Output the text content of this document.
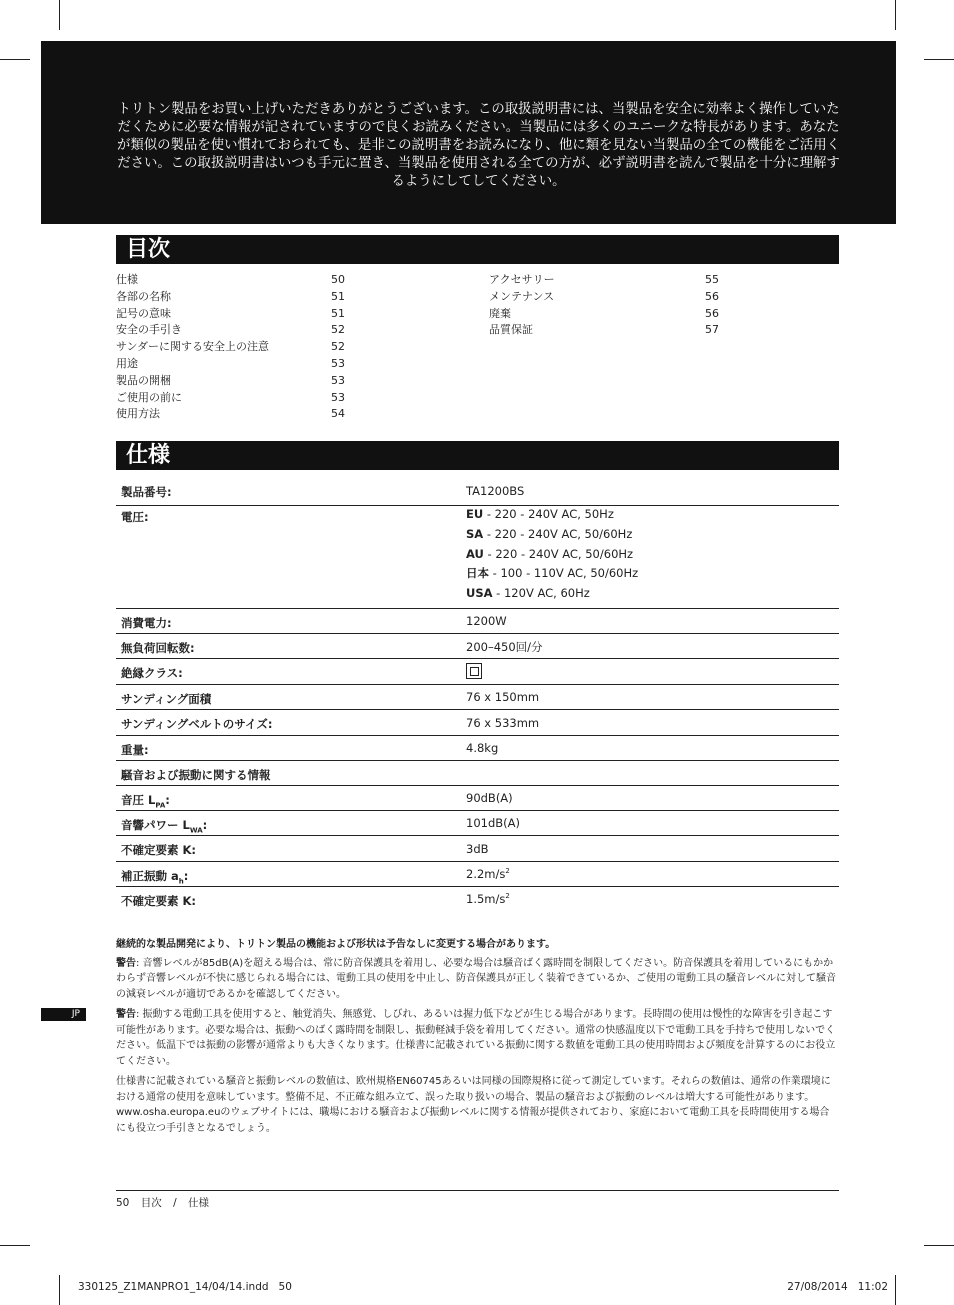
トリトン製品をお買い上げいただきありがとうございます。この取扱説明書には、当製品を安全に効率よく操作していただくために必要な情報が記されていますので良くお読みください。当製品には多くのユニークな特長があります。あなたが類似の製品を使い慣れておられても、是非この説明書をお読みになり、他に類を見ない当製品の全ての機能をご活用ください。この取扱説明書はいつも手元に置き、当製品を使用される全ての方が、必ず説明書を読んで製品を十分に理解するようにしてしてください。

目次
仕様	50
各部の名称	51
記号の意味	51
安全の手引き	52
サンダーに関する安全上の注意	52
用途	53
製品の開梱	53
ご使用の前に	53
使用方法	54
アクセサリー	55
メンテナンス	56
廃棄	56
品質保証	57
仕様
製品番号:	TA1200BS
電圧:	EU - 220 - 240V AC, 50Hz
SA - 220 - 240V AC, 50/60Hz
AU - 220 - 240V AC, 50/60Hz
日本 - 100 - 110V AC, 50/60Hz
USA - 120V AC, 60Hz
消費電力:	1200W
無負荷回転数:	200–450回/分
絶縁クラス:
サンディング面積	76 x 150mm
サンディングベルトのサイズ:	76 x 533mm
重量:	4.8kg
騒音および振動に関する情報
音圧 $L_{PA}$:	90dB(A)
音響パワー $L_{WA}$:	101dB(A)
不確定要素 K:	3dB
補正振動 $a_h$:	$2.2m/s^2$
不確定要素 K:	$1.5m/s^2$

継続的な製品開発により、トリトン製品の機能および形状は予告なしに変更する場合があります。

警告: 音響レベルが85dB(A)を超える場合は、常に防音保護具を着用し、必要な場合は騒音ばく露時間を制限してください。防音保護具を着用しているにもかかわらず音響レベルが不快に感じられる場合には、電動工具の使用を中止し、防音保護具が正しく装着できているか、ご使用の電動工具の騒音レベルに対して騒音の減衰レベルが適切であるかを確認してください。

警告: 振動する電動工具を使用すると、触覚消失、無感覚、しびれ、あるいは握力低下などが生じる場合があります。長時間の使用は慢性的な障害を引き起こす可能性があります。必要な場合は、振動へのばく露時間を制限し、振動軽減手袋を着用してください。通常の快感温度以下で電動工具を手持ちで使用しないでください。低温下では振動の影響が通常よりも大きくなります。仕様書に記載されている振動に関する数値を電動工具の使用時間および頻度を計算するのにお役立てください。

仕様書に記載されている騒音と振動レベルの数値は、欧州規格EN60745あるいは同様の国際規格に従って測定しています。それらの数値は、通常の作業環境における通常の使用を意味しています。整備不足、不正確な組み立て、誤った取り扱いの場合、製品の騒音および振動のレベルは増大する可能性があります。www.osha.europa.euのウェブサイトには、職場における騒音および振動レベルに関する情報が提供されており、家庭において電動工具を長時間使用する場合にも役立つ手引きとなるでしょう。

JP
50 目次 / 仕様
330125_Z1MANPRO1_14/04/14.indd   50	27/08/2014   11:02
